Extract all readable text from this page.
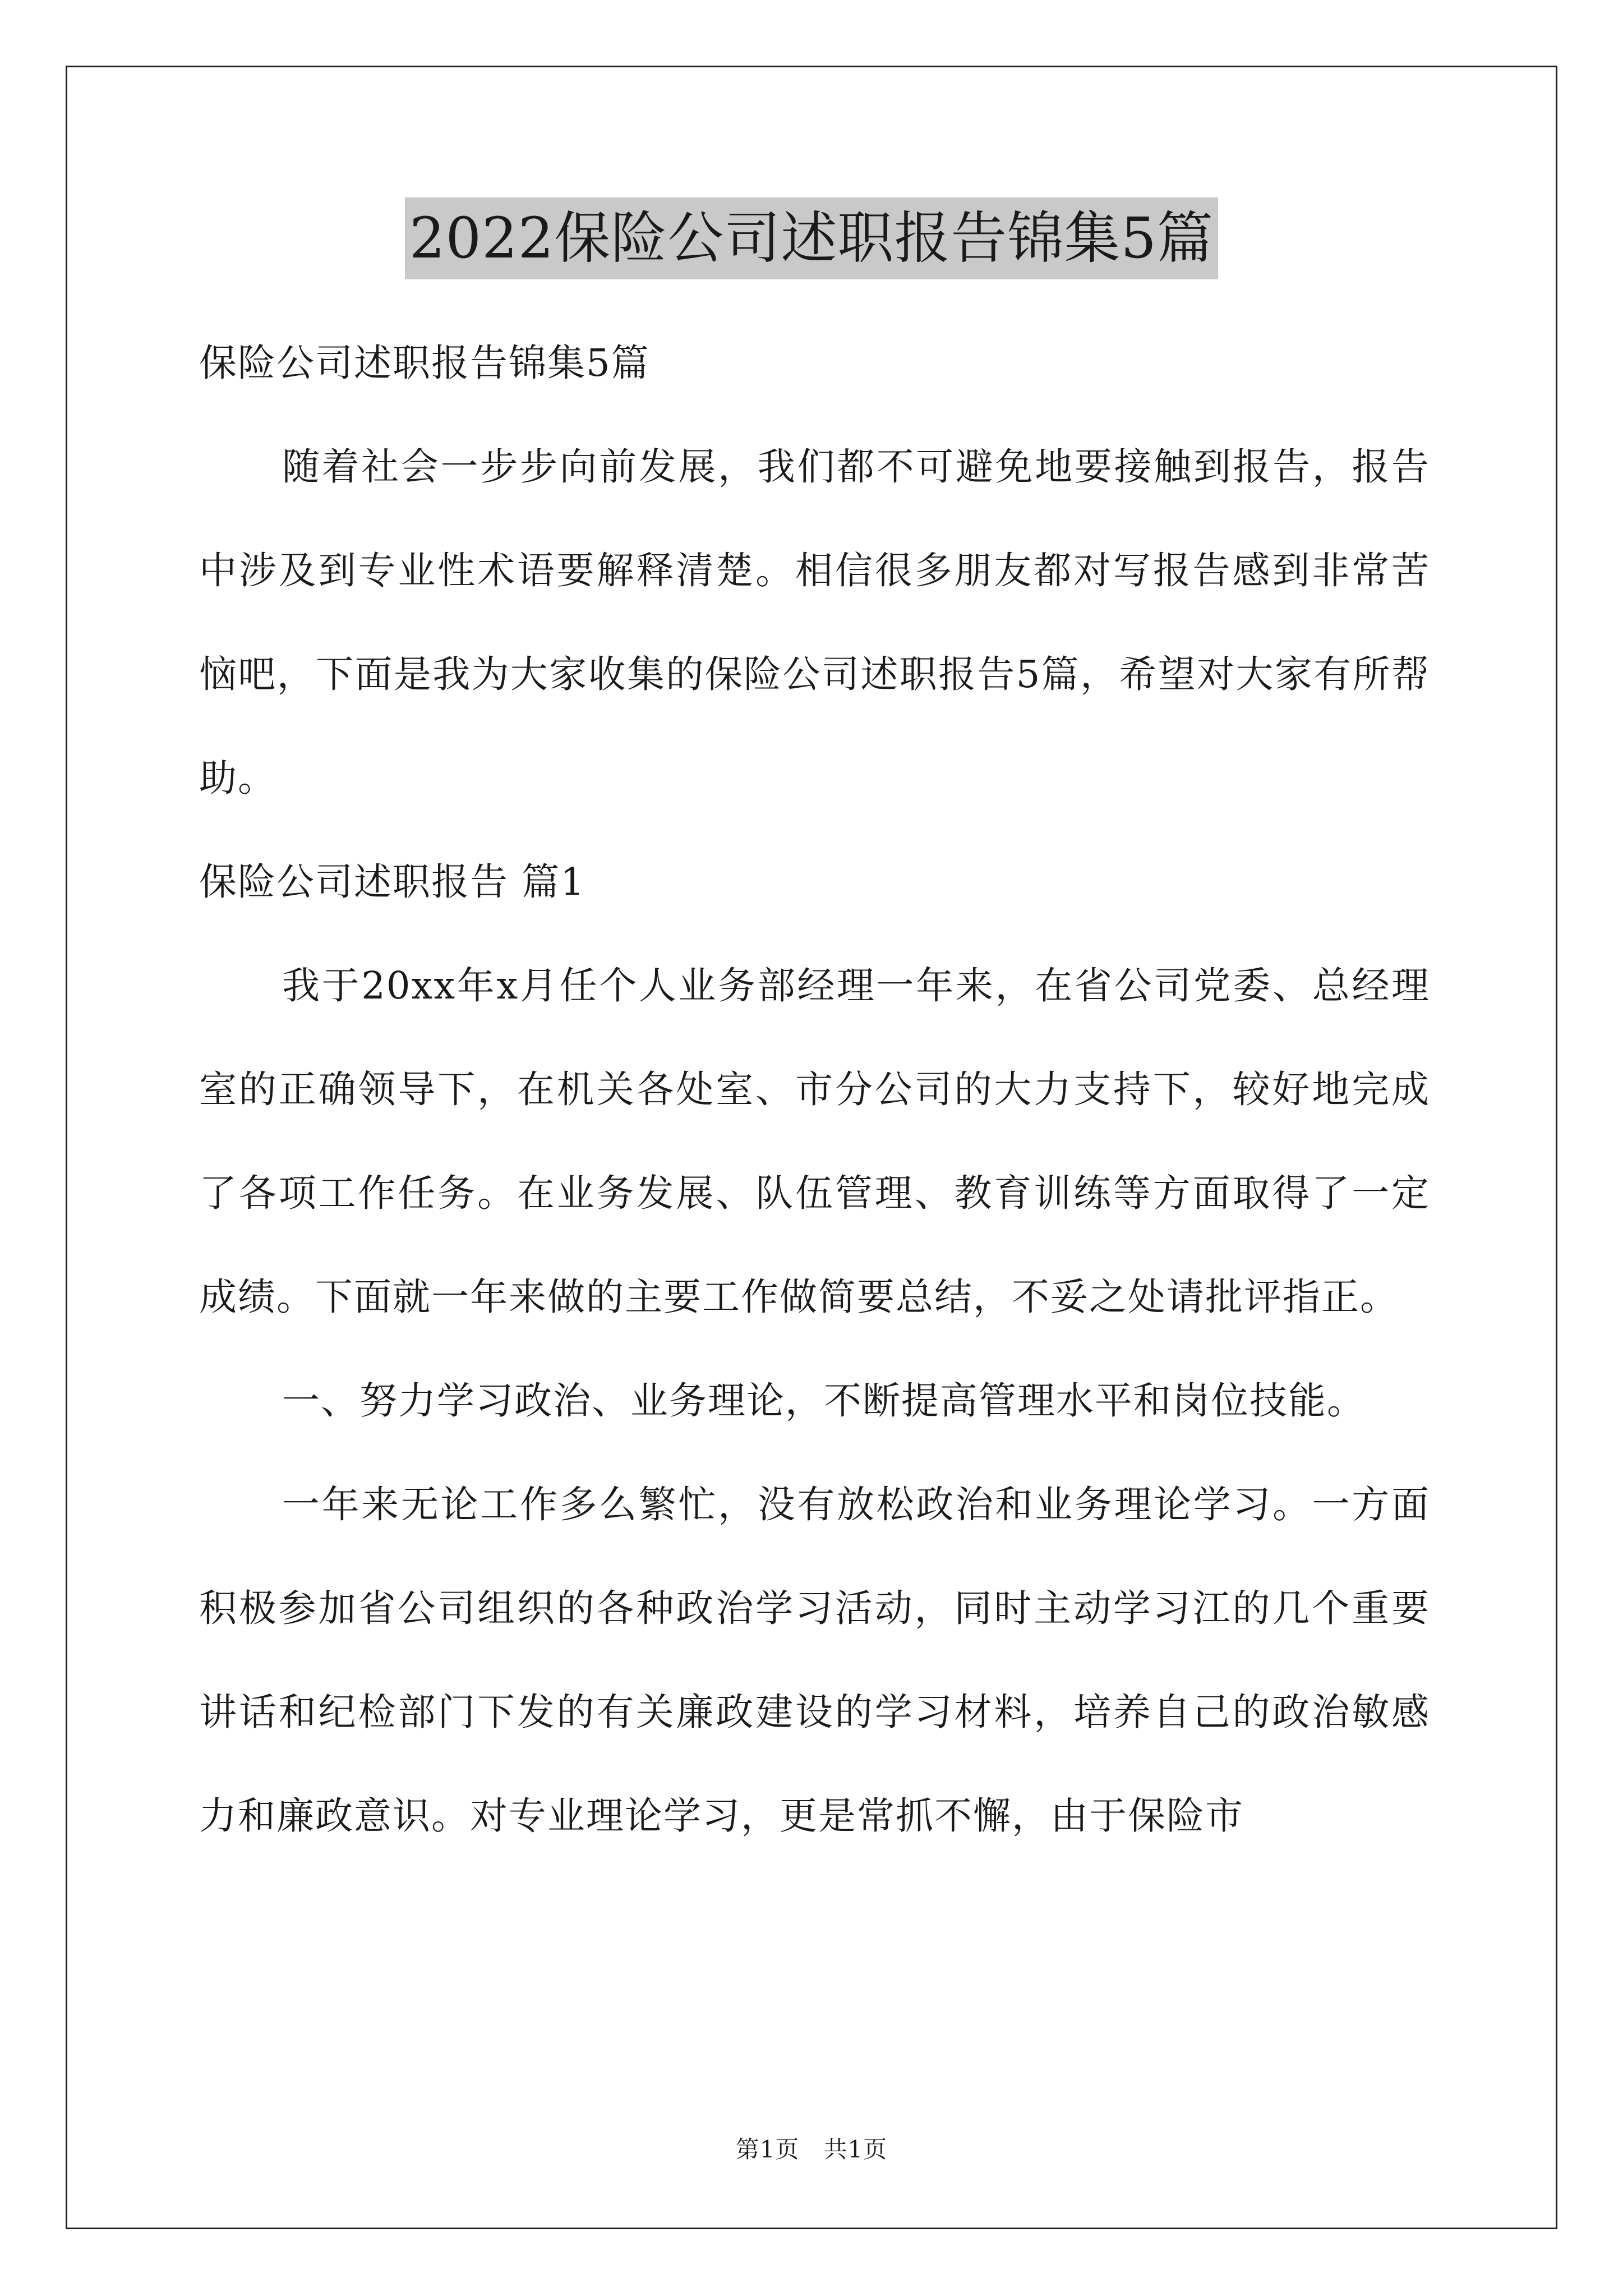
2022保险公司述职报告锦集5篇

保险公司述职报告锦集5篇

随着社会一步步向前发展，我们都不可避免地要接触到报告，报告中涉及到专业性术语要解释清楚。相信很多朋友都对写报告感到非常苦恼吧，下面是我为大家收集的保险公司述职报告5篇，希望对大家有所帮助。

保险公司述职报告 篇1

我于20xx年x月任个人业务部经理一年来，在省公司党委、总经理室的正确领导下，在机关各处室、市分公司的大力支持下，较好地完成了各项工作任务。在业务发展、队伍管理、教育训练等方面取得了一定成绩。下面就一年来做的主要工作做简要总结，不妥之处请批评指正。

一、努力学习政治、业务理论，不断提高管理水平和岗位技能。

一年来无论工作多么繁忙，没有放松政治和业务理论学习。一方面积极参加省公司组织的各种政治学习活动，同时主动学习江的几个重要讲话和纪检部门下发的有关廉政建设的学习材料，培养自己的政治敏感力和廉政意识。对专业理论学习，更是常抓不懈，由于保险市

第1页　共1页
